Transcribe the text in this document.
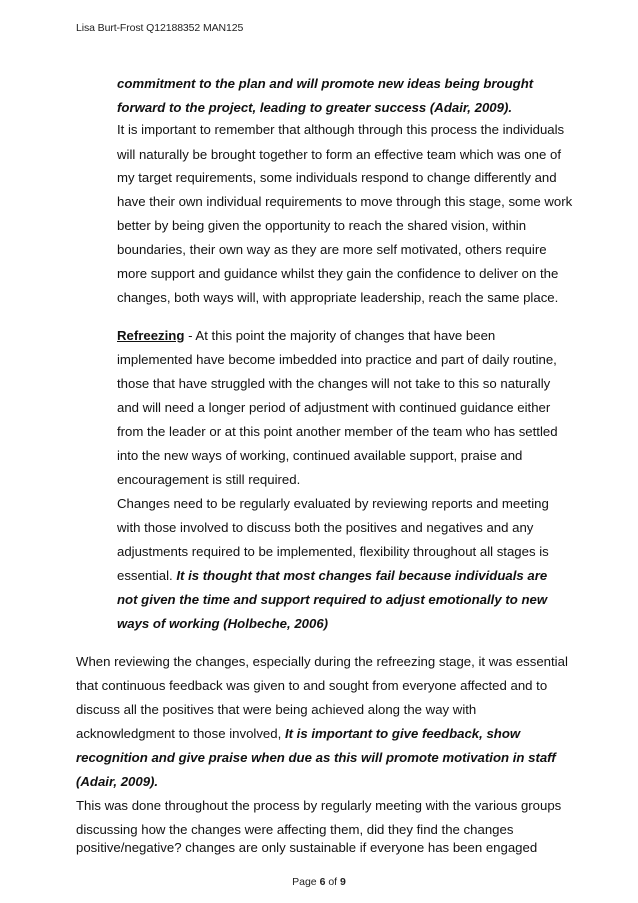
Lisa Burt-Frost Q12188352 MAN125
commitment to the plan and will promote new ideas being brought
forward to the project, leading to greater success (Adair, 2009).
It is important to remember that although through this process the individuals
will naturally be brought together to form an effective team which was one of
my target requirements, some individuals respond to change differently and
have their own individual requirements to move through this stage, some work
better by being given the opportunity to reach the shared vision, within
boundaries, their own way as they are more self motivated, others require
more support and guidance whilst they gain the confidence to deliver on the
changes, both ways will, with appropriate leadership, reach the same place.
Refreezing - At this point the majority of changes that have been
implemented have become imbedded into practice and part of daily routine,
those that have struggled with the changes will not take to this so naturally
and will need a longer period of adjustment with continued guidance either
from the leader or at this point another member of the team who has settled
into the new ways of working, continued available support, praise and
encouragement is still required.
Changes need to be regularly evaluated by reviewing reports and meeting
with those involved to discuss both the positives and negatives and any
adjustments required to be implemented, flexibility throughout all stages is
essential. It is thought that most changes fail because individuals are
not given the time and support required to adjust emotionally to new
ways of working (Holbeche, 2006)
When reviewing the changes, especially during the refreezing stage, it was essential
that continuous feedback was given to and sought from everyone affected and to
discuss all the positives that were being achieved along the way with
acknowledgment to those involved, It is important to give feedback, show
recognition and give praise when due as this will promote motivation in staff
(Adair, 2009).
This was done throughout the process by regularly meeting with the various groups
discussing how the changes were affecting them, did they find the changes
positive/negative? changes are only sustainable if everyone has been engaged
Page 6 of 9
